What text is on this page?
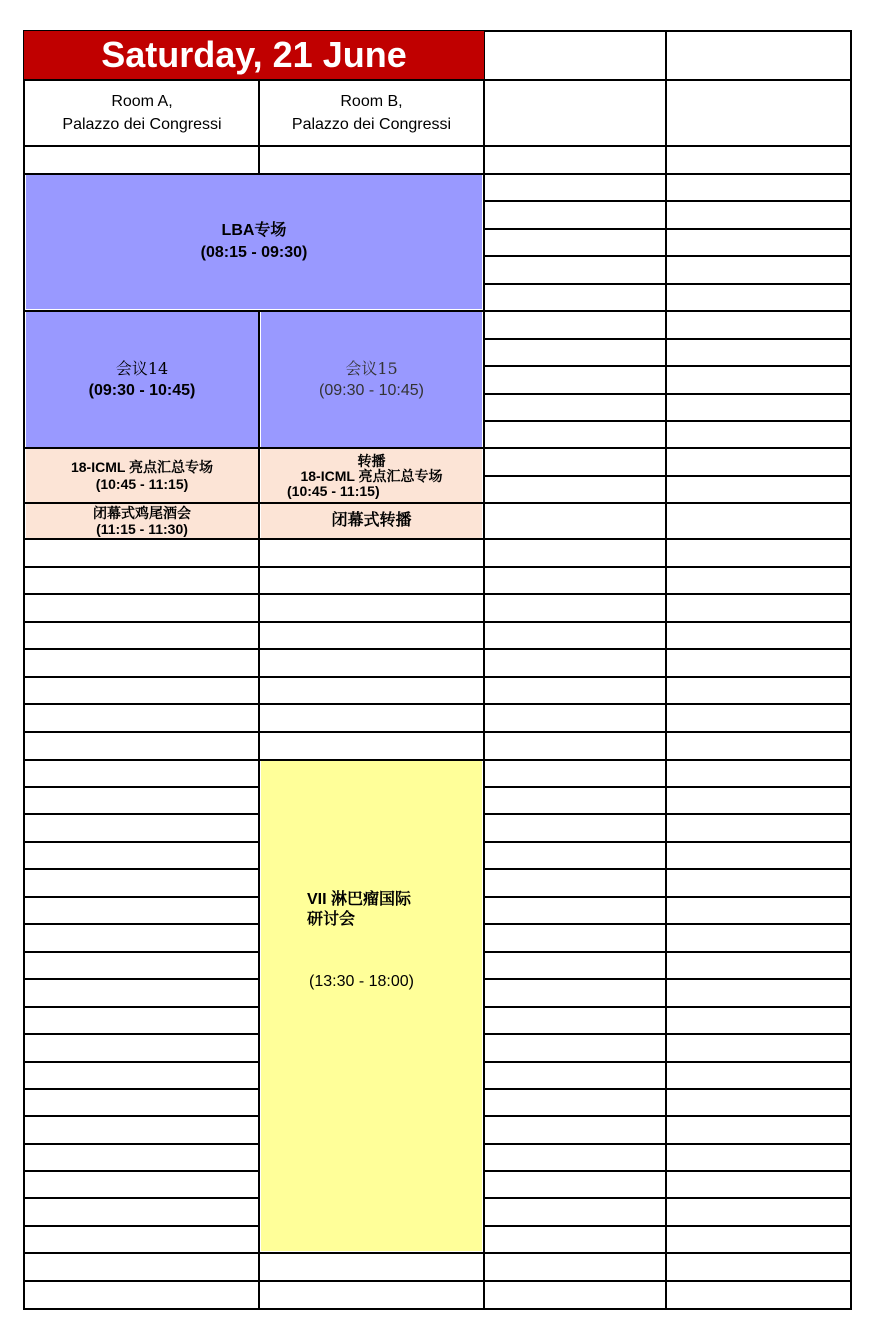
Saturday, 21 June
Room A,
Palazzo dei Congressi
Room B,
Palazzo dei Congressi
LBA专场
(08:15 - 09:30)
会议14
(09:30 - 10:45)
会议15
(09:30 - 10:45)
18-ICML 亮点汇总专场
(10:45 - 11:15)
转播
18-ICML 亮点汇总专场
(10:45 - 11:15)
闭幕式鸡尾酒会
(11:15 - 11:30)	闭幕式转播
VII 淋巴瘤国际
研讨会
(13:30 - 18:00)
